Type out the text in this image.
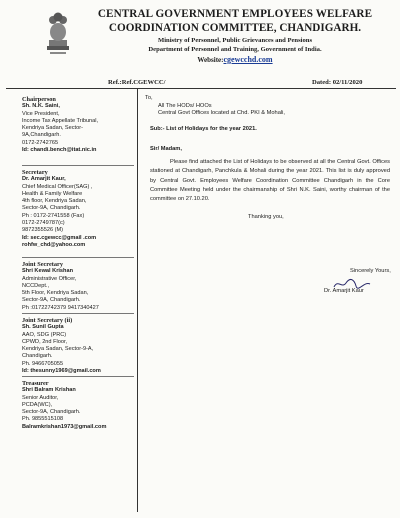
CENTRAL GOVERNMENT EMPLOYEES WELFARE
COORDINATION COMMITTEE, CHANDIGARH.
Ministry of Personnel, Public Grievances and Pensions
Department of Personnel and Training, Government of India.
Website:cgewcchd.com
Ref.:Ref.CGEWCC/	Dated: 02/11/2020
Chairperson
Sh. N.K. Saini,
Vice President,
Income Tax Appellate Tribunal,
Kendriya Sadan, Sector-
9A,Chandigarh.
0172-2742765
Id: chandi.bench@itat.nic.in
Secretary
Dr. Amarjit Kaur,
Chief Medical Officer(SAG) ,
Health & Family Welfare
4th floor, Kendriya Sadan,
Sector-9A, Chandigarh.
Ph : 0172-2741558 (Fax)
0172-2749787(c)
9872355526 (M)
Id: sec.cgewcc@gmail .com
rohfw_chd@yahoo.com
Joint Secretary
Shri Kewal Krishan
Administrative Officer,
NCCDept.,
5th Floor, Kendriya Sadan,
Sector-9A, Chandigarh.
Ph :01722742379 9417340427
Joint Secretary (ii)
Sh. Sunil Gupta
AAO, SDG (PRC)
CPWD, 2nd Floor,
Kendriya Sadan, Sector-9-A,
Chandigarh.
Ph. 9466705055
Id: thesunny1969@gmail.com
Treasurer
Shri Balram Krishan
Senior Auditor,
PCDA(WC),
Sector-9A, Chandigarh.
Ph. 9855515108
Balramkrishan1973@gmail.com
To,
All The HODs/ HOOs
Central Govt Offices located at Chd. PKI & Mohali,
Sub:- List of Holidays for the year 2021.
Sir/ Madam,
Please find attached the List of Holidays to be observed at all the Central Govt. Offices stationed at Chandigarh, Panchkula & Mohali during the year 2021. This list is duly approved by Central Govt. Employees Welfare Coordination Committee Chandigarh in the Core Committee Meeting held under the chairmanship of Shri N.K. Saini, worthy chairman of the committee on 27.10.20.
Thanking you,
Sincerely Yours,
Dr. Amarjit Kaur
